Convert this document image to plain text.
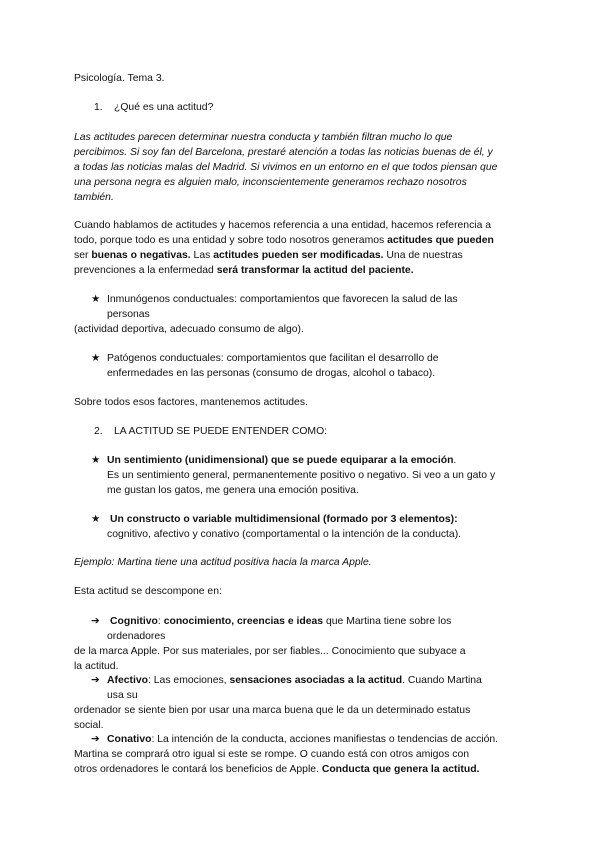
Psicología. Tema 3.

1. ¿Qué es una actitud?

Las actitudes parecen determinar nuestra conducta y también filtran mucho lo que

percibimos. Si soy fan del Barcelona, prestaré atención a todas las noticias buenas de él, y

a todas las noticias malas del Madrid. Si vivimos en un entorno en el que todos piensan que

una persona negra es alguien malo, inconscientemente generamos rechazo nosotros

también.

Cuando hablamos de actitudes y hacemos referencia a una entidad, hacemos referencia a

todo, porque todo es una entidad y sobre todo nosotros generamos actitudes que pueden

ser buenas o negativas. Las actitudes pueden ser modificadas. Una de nuestras

prevenciones a la enfermedad será transformar la actitud del paciente.

★ Inmunógenos conductuales: comportamientos que favorecen la salud de las

personas

(actividad deportiva, adecuado consumo de algo).

★ Patógenos conductuales: comportamientos que facilitan el desarrollo de

enfermedades en las personas (consumo de drogas, alcohol o tabaco).

Sobre todos esos factores, mantenemos actitudes.

2. LA ACTITUD SE PUEDE ENTENDER COMO:

★ Un sentimiento (unidimensional) que se puede equiparar a la emoción.

Es un sentimiento general, permanentemente positivo o negativo. Si veo a un gato y

me gustan los gatos, me genera una emoción positiva.

★ Un constructo o variable multidimensional (formado por 3 elementos):

cognitivo, afectivo y conativo (comportamental o la intención de la conducta).

Ejemplo: Martina tiene una actitud positiva hacia la marca Apple.

Esta actitud se descompone en:

➔ Cognitivo: conocimiento, creencias e ideas que Martina tiene sobre los

ordenadores

de la marca Apple. Por sus materiales, por ser fiables... Conocimiento que subyace a

la actitud.

➔ Afectivo: Las emociones, sensaciones asociadas a la actitud. Cuando Martina

usa su

ordenador se siente bien por usar una marca buena que le da un determinado estatus

social.

➔ Conativo: La intención de la conducta, acciones manifiestas o tendencias de acción.

Martina se comprará otro igual si este se rompe. O cuando está con otros amigos con

otros ordenadores le contará los beneficios de Apple. Conducta que genera la actitud.
